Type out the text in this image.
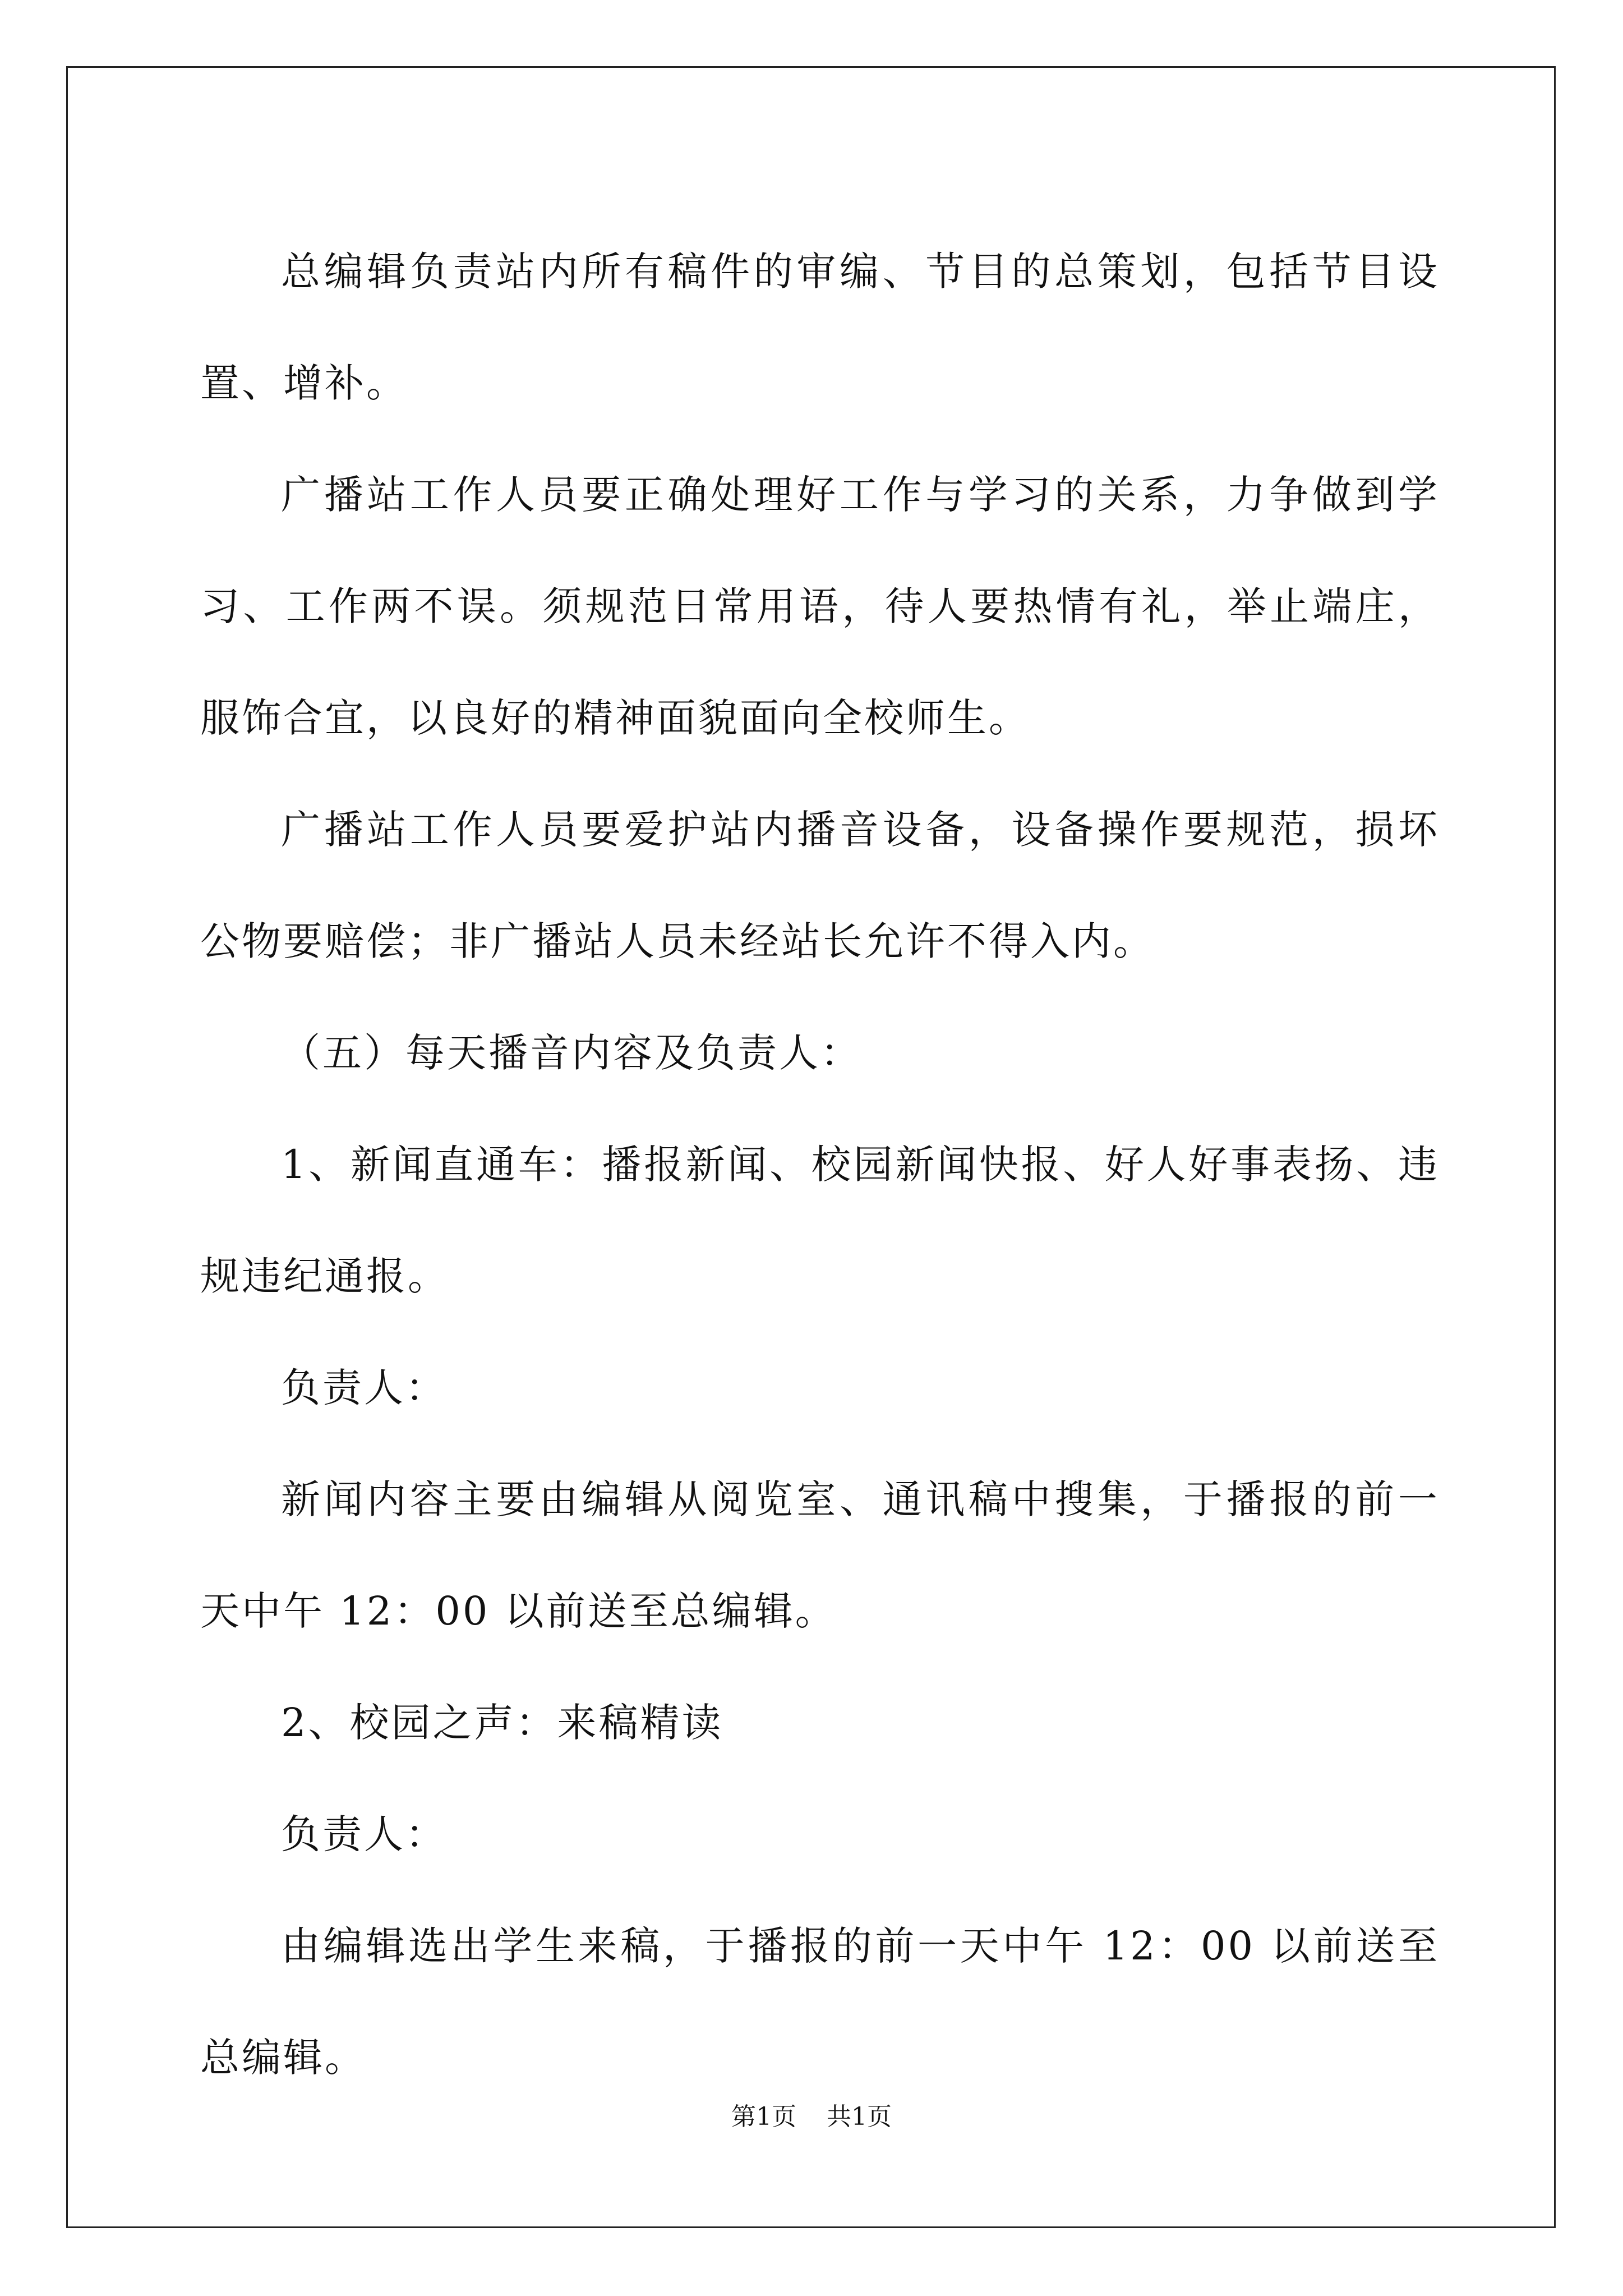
总编辑负责站内所有稿件的审编、节目的总策划，包括节目设置、增补。

广播站工作人员要正确处理好工作与学习的关系，力争做到学习、工作两不误。须规范日常用语，待人要热情有礼，举止端庄，服饰合宜，以良好的精神面貌面向全校师生。

广播站工作人员要爱护站内播音设备，设备操作要规范，损坏公物要赔偿；非广播站人员未经站长允许不得入内。

（五）每天播音内容及负责人：

1、新闻直通车：播报新闻、校园新闻快报、好人好事表扬、违规违纪通报。

负责人：

新闻内容主要由编辑从阅览室、通讯稿中搜集，于播报的前一天中午 12：00 以前送至总编辑。

2、校园之声：来稿精读

负责人：

由编辑选出学生来稿，于播报的前一天中午 12：00 以前送至总编辑。

第1页 共1页
